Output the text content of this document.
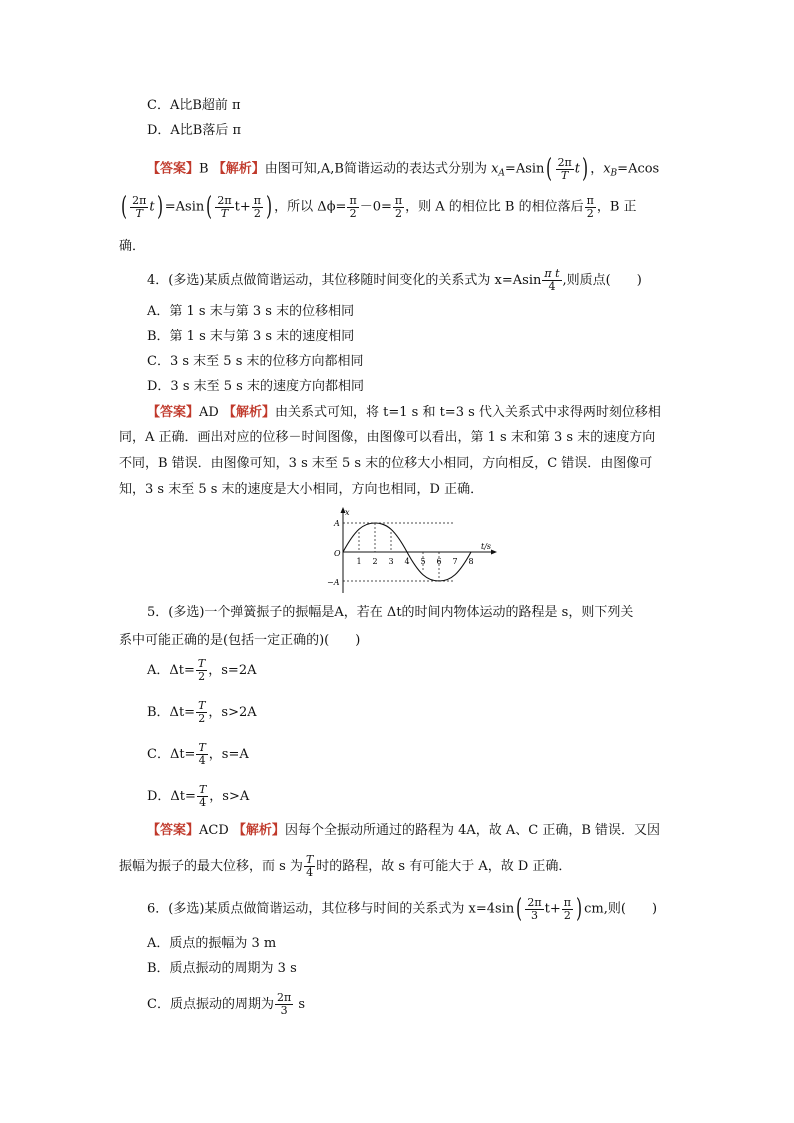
C．A比B超前 π
D．A比B落后 π
【答案】B 【解析】由图可知,A,B简谐运动的表达式分别为 $x_A=Asin( \frac{2\pi}{T} t)$ ，$x_B=Acos$
( $\frac{2\pi}{T} t) =Asin( \frac{2\pi}{T} t+ \frac{\pi}{2}$ ) ，所以 $\Delta\phi= \frac{\pi}{2} -0= \frac{\pi}{2}$ ，则 A 的相位比 B 的相位落后 $\frac{\pi}{2}$ ，B 正
确．
4．(多选)某质点做简谐运动，其位移随时间变化的关系式为 $x=Asin \frac{\text{π t}}{4}$ ,则质点(　　)
A．第 1 s 末与第 3 s 末的位移相同
B．第 1 s 末与第 3 s 末的速度相同
C．3 s 末至 5 s 末的位移方向都相同
D．3 s 末至 5 s 末的速度方向都相同
【答案】AD 【解析】由关系式可知，将 t=1 s 和 t=3 s 代入关系式中求得两时刻位移相
同，A 正确．画出对应的位移－时间图像，由图像可以看出，第 1 s 末和第 3 s 末的速度方向
不同，B 错误．由图像可知，3 s 末至 5 s 末的位移大小相同，方向相反，C 错误．由图像可
知，3 s 末至 5 s 末的速度是大小相同，方向也相同，D 正确．
x
t/s
O
A
−A
1 2 3 4 5 6 7 8
5．(多选)一个弹簧振子的振幅是A，若在 Δt的时间内物体运动的路程是 s，则下列关
系中可能正确的是(包括一定正确的)(　　)
A．$\Delta t= \frac{T}{2}$ ，s=2A
B．$\Delta t= \frac{T}{2}$ ，s>2A
C．$\Delta t= \frac{T}{4}$ ，s=A
D．$\Delta t= \frac{T}{4}$ ，s>A
【答案】ACD 【解析】因每个全振动所通过的路程为 4A，故 A、C 正确，B 错误．又因
振幅为振子的最大位移，而 s 为 $\frac{T}{4}$ 时的路程，故 s 有可能大于 A，故 D 正确．
6．(多选)某质点做简谐运动，其位移与时间的关系式为 $x=4\sin( \frac{2\pi}{3} t+ \frac{\pi}{2}$ ) cm,则(　　)
A．质点的振幅为 3 m
B．质点振动的周期为 3 s
C．质点振动的周期为 $\frac{2\pi}{3}$ s
